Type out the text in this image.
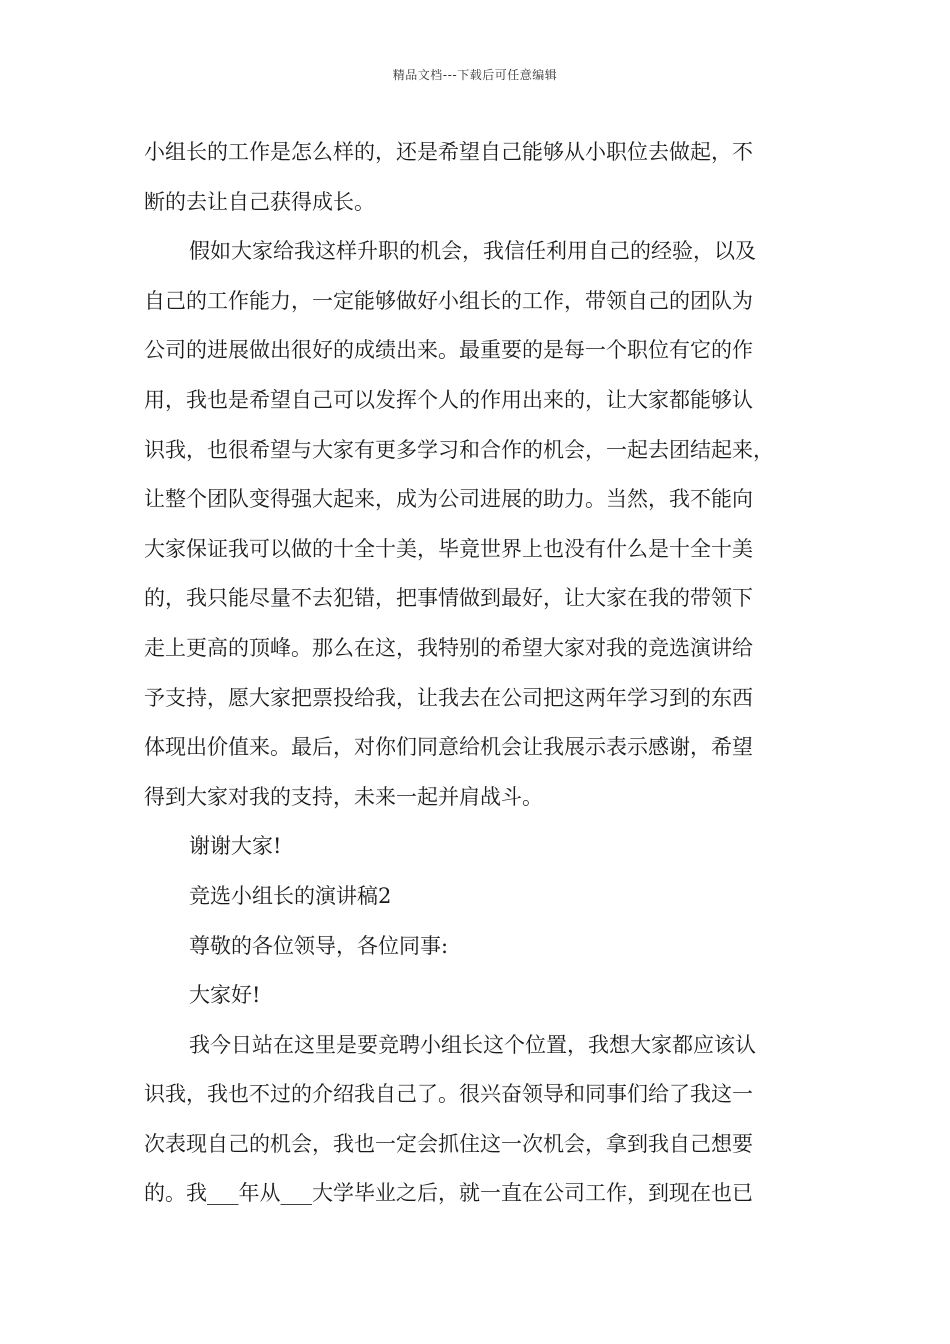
精品文档---下载后可任意编辑
小组长的工作是怎么样的，还是希望自己能够从小职位去做起，不
断的去让自己获得成长。
假如大家给我这样升职的机会，我信任利用自己的经验，以及
自己的工作能力，一定能够做好小组长的工作，带领自己的团队为
公司的进展做出很好的成绩出来。最重要的是每一个职位有它的作
用，我也是希望自己可以发挥个人的作用出来的，让大家都能够认
识我，也很希望与大家有更多学习和合作的机会，一起去团结起来，
让整个团队变得强大起来，成为公司进展的助力。当然，我不能向
大家保证我可以做的十全十美，毕竟世界上也没有什么是十全十美
的，我只能尽量不去犯错，把事情做到最好，让大家在我的带领下
走上更高的顶峰。那么在这，我特别的希望大家对我的竞选演讲给
予支持，愿大家把票投给我，让我去在公司把这两年学习到的东西
体现出价值来。最后，对你们同意给机会让我展示表示感谢，希望
得到大家对我的支持，未来一起并肩战斗。
谢谢大家!
竞选小组长的演讲稿2
尊敬的各位领导，各位同事:
大家好!
我今日站在这里是要竞聘小组长这个位置，我想大家都应该认
识我，我也不过的介绍我自己了。很兴奋领导和同事们给了我这一
次表现自己的机会，我也一定会抓住这一次机会，拿到我自己想要
的。我___年从___大学毕业之后，就一直在公司工作，到现在也已
